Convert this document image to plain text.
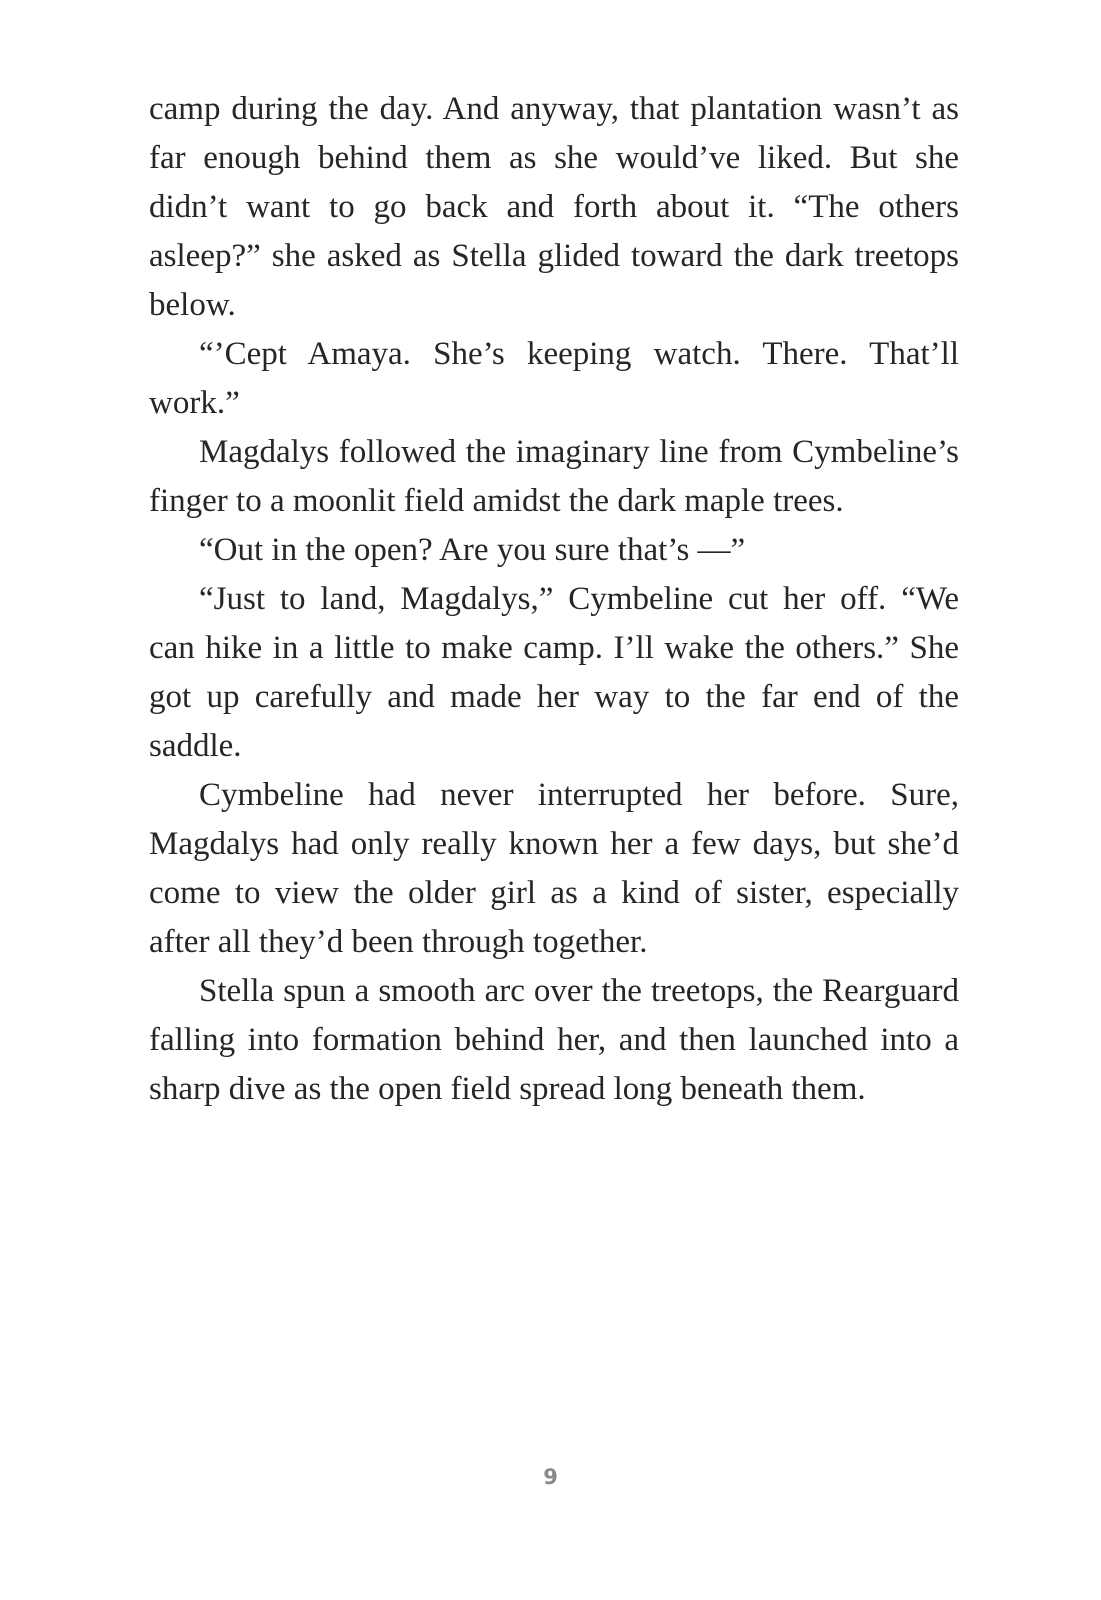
camp during the day. And anyway, that plantation wasn’t as far enough behind them as she would’ve liked. But she didn’t want to go back and forth about it. “The others asleep?” she asked as Stella glided toward the dark treetops below.

“’Cept Amaya. She’s keeping watch. There. That’ll work.”

Magdalys followed the imaginary line from Cymbeline’s finger to a moonlit field amidst the dark maple trees.

“Out in the open? Are you sure that’s —”

“Just to land, Magdalys,” Cymbeline cut her off. “We can hike in a little to make camp. I’ll wake the others.” She got up carefully and made her way to the far end of the saddle.

Cymbeline had never interrupted her before. Sure, Magdalys had only really known her a few days, but she’d come to view the older girl as a kind of sister, especially after all they’d been through together.

Stella spun a smooth arc over the treetops, the Rearguard falling into formation behind her, and then launched into a sharp dive as the open field spread long beneath them.

9
